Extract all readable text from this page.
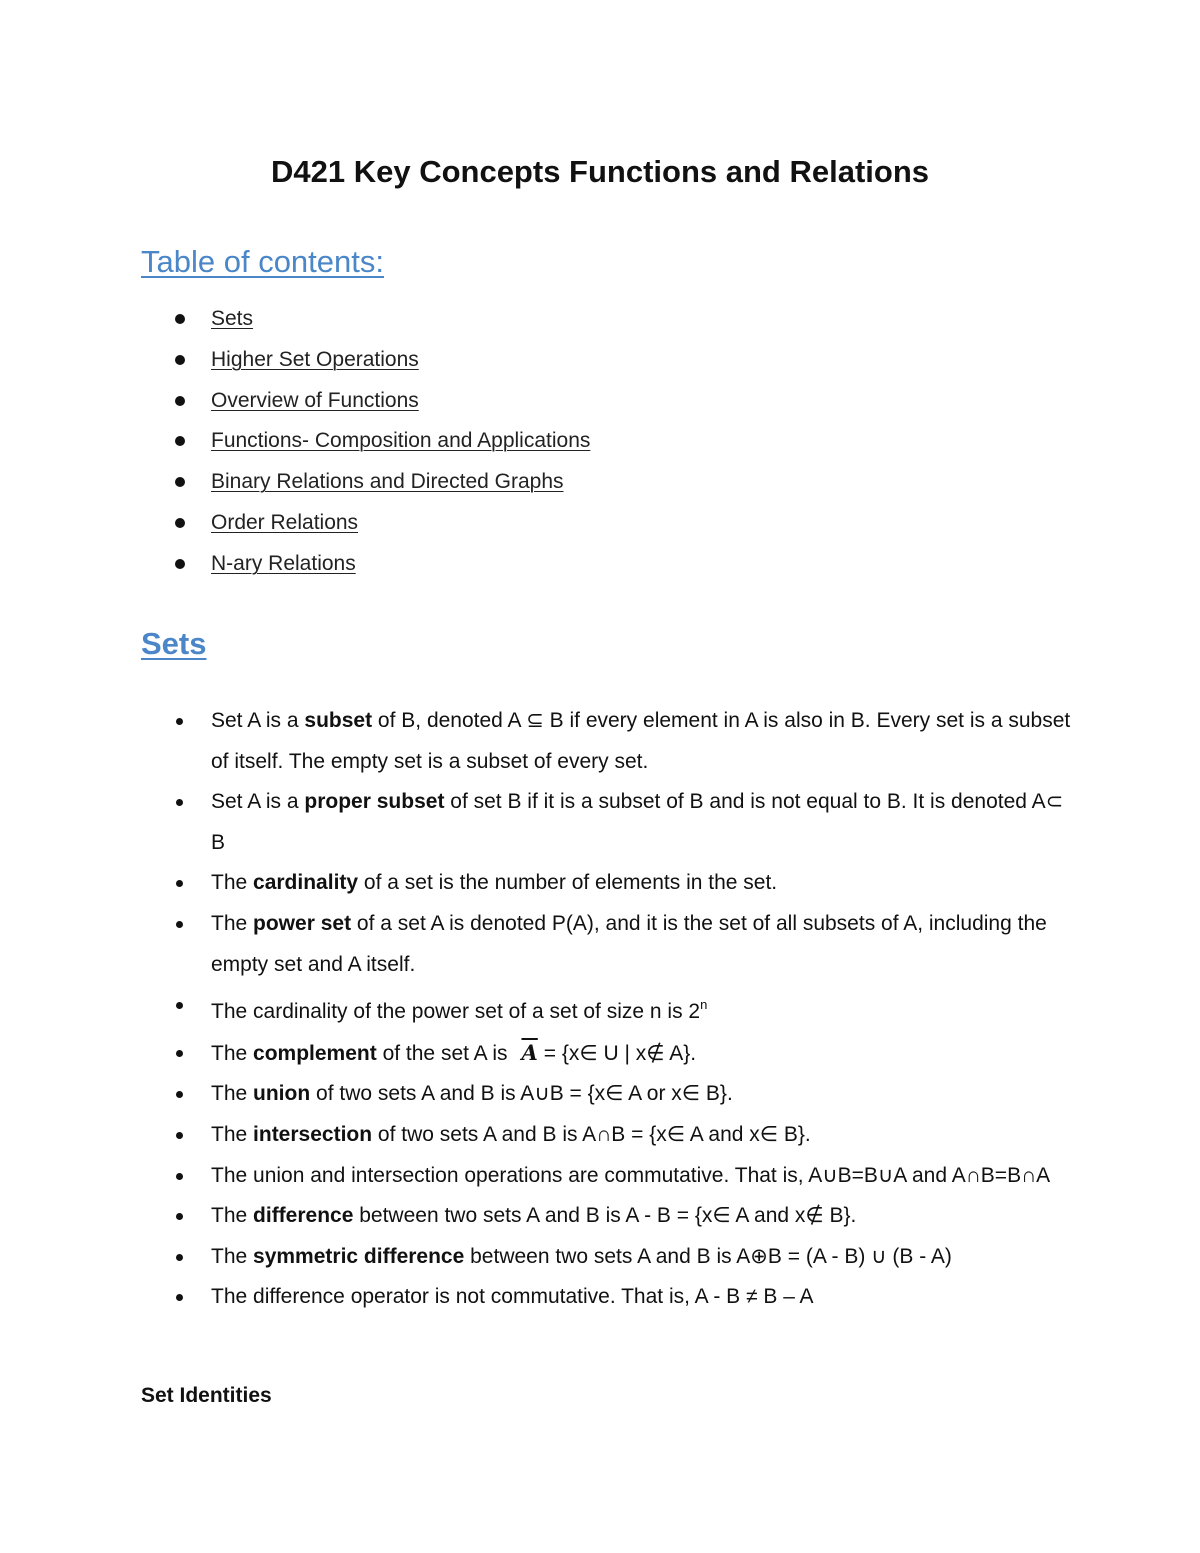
D421 Key Concepts Functions and Relations
Table of contents:
Sets
Higher Set Operations
Overview of Functions
Functions- Composition and Applications
Binary Relations and Directed Graphs
Order Relations
N-ary Relations
Sets
Set A is a subset of B, denoted A ⊆ B if every element in A is also in B. Every set is a subset of itself. The empty set is a subset of every set.
Set A is a proper subset of set B if it is a subset of B and is not equal to B. It is denoted A⊂ B
The cardinality of a set is the number of elements in the set.
The power set of a set A is denoted P(A), and it is the set of all subsets of A, including the empty set and A itself.
The cardinality of the power set of a set of size n is 2$^n$
The complement of the set A is $\overline{A}$ = {x∈ U | x∉ A}.
The union of two sets A and B is A∪B = {x∈ A or x∈ B}.
The intersection of two sets A and B is A∩B = {x∈ A and x∈ B}.
The union and intersection operations are commutative. That is, A∪B=B∪A and A∩B=B∩A
The difference between two sets A and B is A - B = {x∈ A and x∉ B}.
The symmetric difference between two sets A and B is A⊕B = (A - B) ∪ (B - A)
The difference operator is not commutative. That is, A - B ≠ B – A
Set Identities
